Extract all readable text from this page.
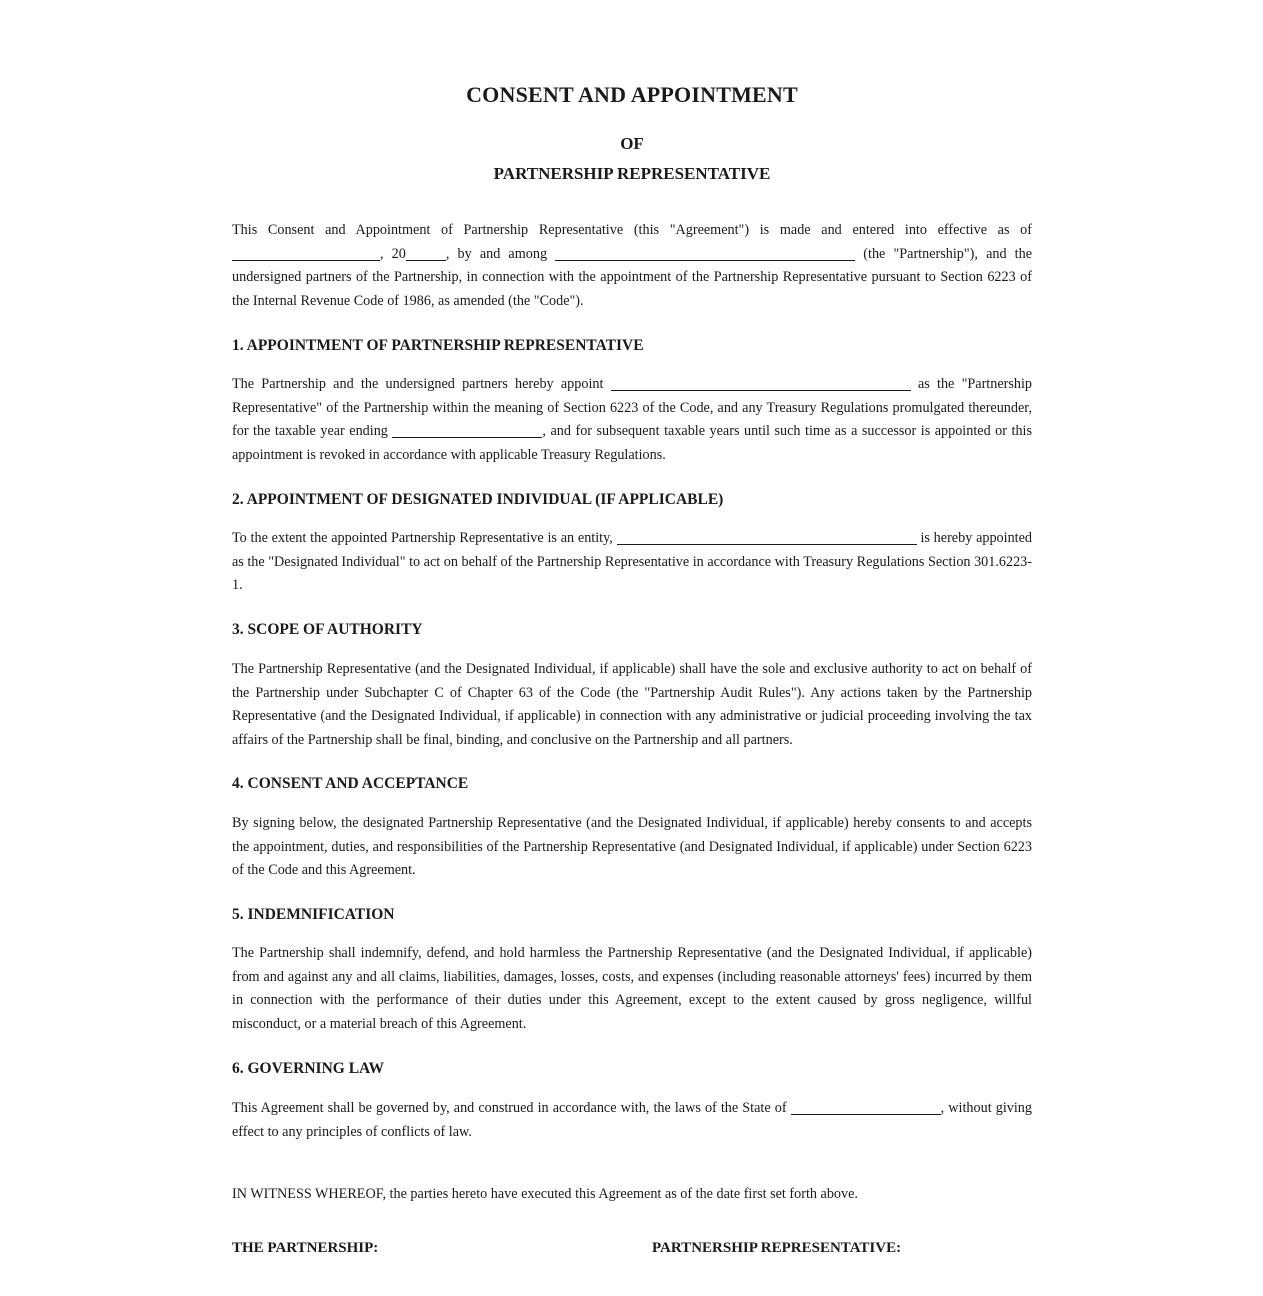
CONSENT AND APPOINTMENT
OF
PARTNERSHIP REPRESENTATIVE

This Consent and Appointment of Partnership Representative (this "Agreement") is made and entered into effective as of , 20	, by and among	(the "Partnership"), and the undersigned partners of the Partnership, in connection with the appointment of the Partnership Representative pursuant to Section 6223 of the Internal Revenue Code of 1986, as amended (the "Code").

1. APPOINTMENT OF PARTNERSHIP REPRESENTATIVE

The Partnership and the undersigned partners hereby appoint	as the "Partnership Representative" of the Partnership within the meaning of Section 6223 of the Code, and any Treasury Regulations promulgated thereunder, for the taxable year ending	, and for subsequent taxable years until such time as a successor is appointed or this appointment is revoked in accordance with applicable Treasury Regulations.

2. APPOINTMENT OF DESIGNATED INDIVIDUAL (IF APPLICABLE)

To the extent the appointed Partnership Representative is an entity,	is hereby appointed as the "Designated Individual" to act on behalf of the Partnership Representative in accordance with Treasury Regulations Section 301.6223-1.

3. SCOPE OF AUTHORITY

The Partnership Representative (and the Designated Individual, if applicable) shall have the sole and exclusive authority to act on behalf of the Partnership under Subchapter C of Chapter 63 of the Code (the "Partnership Audit Rules"). Any actions taken by the Partnership Representative (and the Designated Individual, if applicable) in connection with any administrative or judicial proceeding involving the tax affairs of the Partnership shall be final, binding, and conclusive on the Partnership and all partners.

4. CONSENT AND ACCEPTANCE

By signing below, the designated Partnership Representative (and the Designated Individual, if applicable) hereby consents to and accepts the appointment, duties, and responsibilities of the Partnership Representative (and Designated Individual, if applicable) under Section 6223 of the Code and this Agreement.

5. INDEMNIFICATION

The Partnership shall indemnify, defend, and hold harmless the Partnership Representative (and the Designated Individual, if applicable) from and against any and all claims, liabilities, damages, losses, costs, and expenses (including reasonable attorneys' fees) incurred by them in connection with the performance of their duties under this Agreement, except to the extent caused by gross negligence, willful misconduct, or a material breach of this Agreement.

6. GOVERNING LAW

This Agreement shall be governed by, and construed in accordance with, the laws of the State of	, without giving effect to any principles of conflicts of law.

IN WITNESS WHEREOF, the parties hereto have executed this Agreement as of the date first set forth above.

THE PARTNERSHIP:	PARTNERSHIP REPRESENTATIVE:
